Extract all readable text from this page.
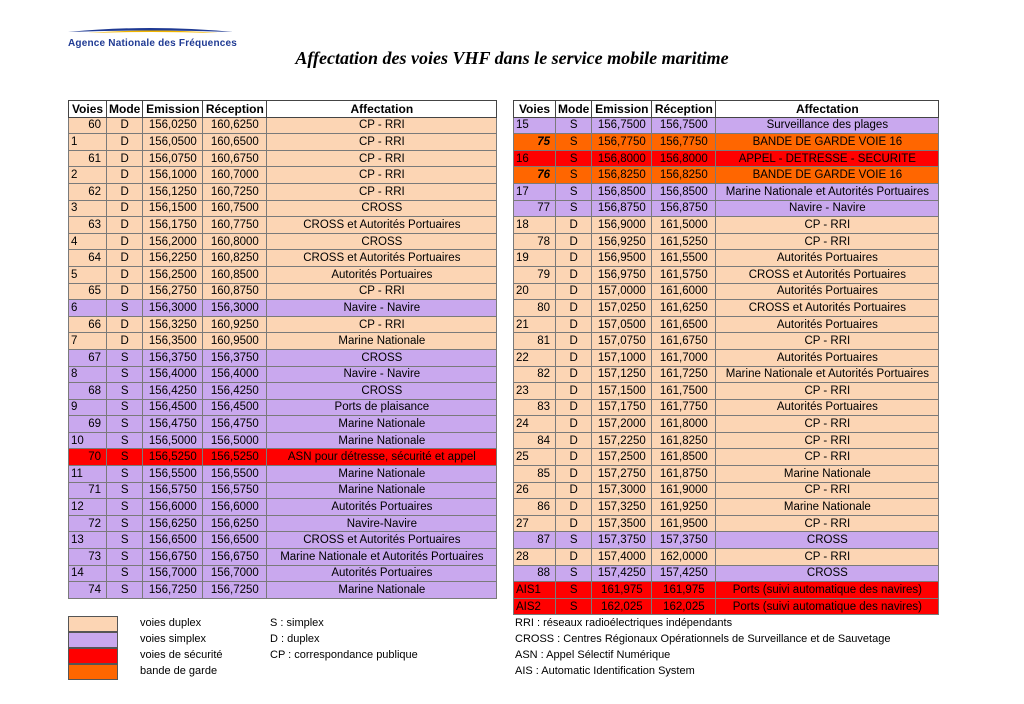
Agence Nationale des Fréquences
Affectation des voies VHF dans le service mobile maritime
Voies	Mode	Emission	Réception	Affectation
60	D	156,0250	160,6250	CP - RRI
1	D	156,0500	160,6500	CP - RRI
61	D	156,0750	160,6750	CP - RRI
2	D	156,1000	160,7000	CP - RRI
62	D	156,1250	160,7250	CP - RRI
3	D	156,1500	160,7500	CROSS
63	D	156,1750	160,7750	CROSS et Autorités Portuaires
4	D	156,2000	160,8000	CROSS
64	D	156,2250	160,8250	CROSS et Autorités Portuaires
5	D	156,2500	160,8500	Autorités Portuaires
65	D	156,2750	160,8750	CP - RRI
6	S	156,3000	156,3000	Navire - Navire
66	D	156,3250	160,9250	CP - RRI
7	D	156,3500	160,9500	Marine Nationale
67	S	156,3750	156,3750	CROSS
8	S	156,4000	156,4000	Navire - Navire
68	S	156,4250	156,4250	CROSS
9	S	156,4500	156,4500	Ports de plaisance
69	S	156,4750	156,4750	Marine Nationale
10	S	156,5000	156,5000	Marine Nationale
70	S	156,5250	156,5250	ASN pour détresse, sécurité et appel
11	S	156,5500	156,5500	Marine Nationale
71	S	156,5750	156,5750	Marine Nationale
12	S	156,6000	156,6000	Autorités Portuaires
72	S	156,6250	156,6250	Navire-Navire
13	S	156,6500	156,6500	CROSS et Autorités Portuaires
73	S	156,6750	156,6750	Marine Nationale et Autorités Portuaires
14	S	156,7000	156,7000	Autorités Portuaires
74	S	156,7250	156,7250	Marine Nationale
Voies	Mode	Emission	Réception	Affectation
15	S	156,7500	156,7500	Surveillance des plages
75	S	156,7750	156,7750	BANDE DE GARDE VOIE 16
16	S	156,8000	156,8000	APPEL - DETRESSE - SECURITE
76	S	156,8250	156,8250	BANDE DE GARDE VOIE 16
17	S	156,8500	156,8500	Marine Nationale et Autorités Portuaires
77	S	156,8750	156,8750	Navire - Navire
18	D	156,9000	161,5000	CP - RRI
78	D	156,9250	161,5250	CP - RRI
19	D	156,9500	161,5500	Autorités Portuaires
79	D	156,9750	161,5750	CROSS et Autorités Portuaires
20	D	157,0000	161,6000	Autorités Portuaires
80	D	157,0250	161,6250	CROSS et Autorités Portuaires
21	D	157,0500	161,6500	Autorités Portuaires
81	D	157,0750	161,6750	CP - RRI
22	D	157,1000	161,7000	Autorités Portuaires
82	D	157,1250	161,7250	Marine Nationale et Autorités Portuaires
23	D	157,1500	161,7500	CP - RRI
83	D	157,1750	161,7750	Autorités Portuaires
24	D	157,2000	161,8000	CP - RRI
84	D	157,2250	161,8250	CP - RRI
25	D	157,2500	161,8500	CP - RRI
85	D	157,2750	161,8750	Marine Nationale
26	D	157,3000	161,9000	CP - RRI
86	D	157,3250	161,9250	Marine Nationale
27	D	157,3500	161,9500	CP - RRI
87	S	157,3750	157,3750	CROSS
28	D	157,4000	162,0000	CP - RRI
88	S	157,4250	157,4250	CROSS
AIS1	S	161,975	161,975	Ports (suivi automatique des navires)
AIS2	S	162,025	162,025	Ports (suivi automatique des navires)
voies duplex
voies simplex
voies de sécurité
bande de garde
S : simplex
D : duplex
CP : correspondance publique
RRI : réseaux radioélectriques indépendants
CROSS : Centres Régionaux Opérationnels de Surveillance et de Sauvetage
ASN : Appel Sélectif Numérique
AIS : Automatic Identification System
